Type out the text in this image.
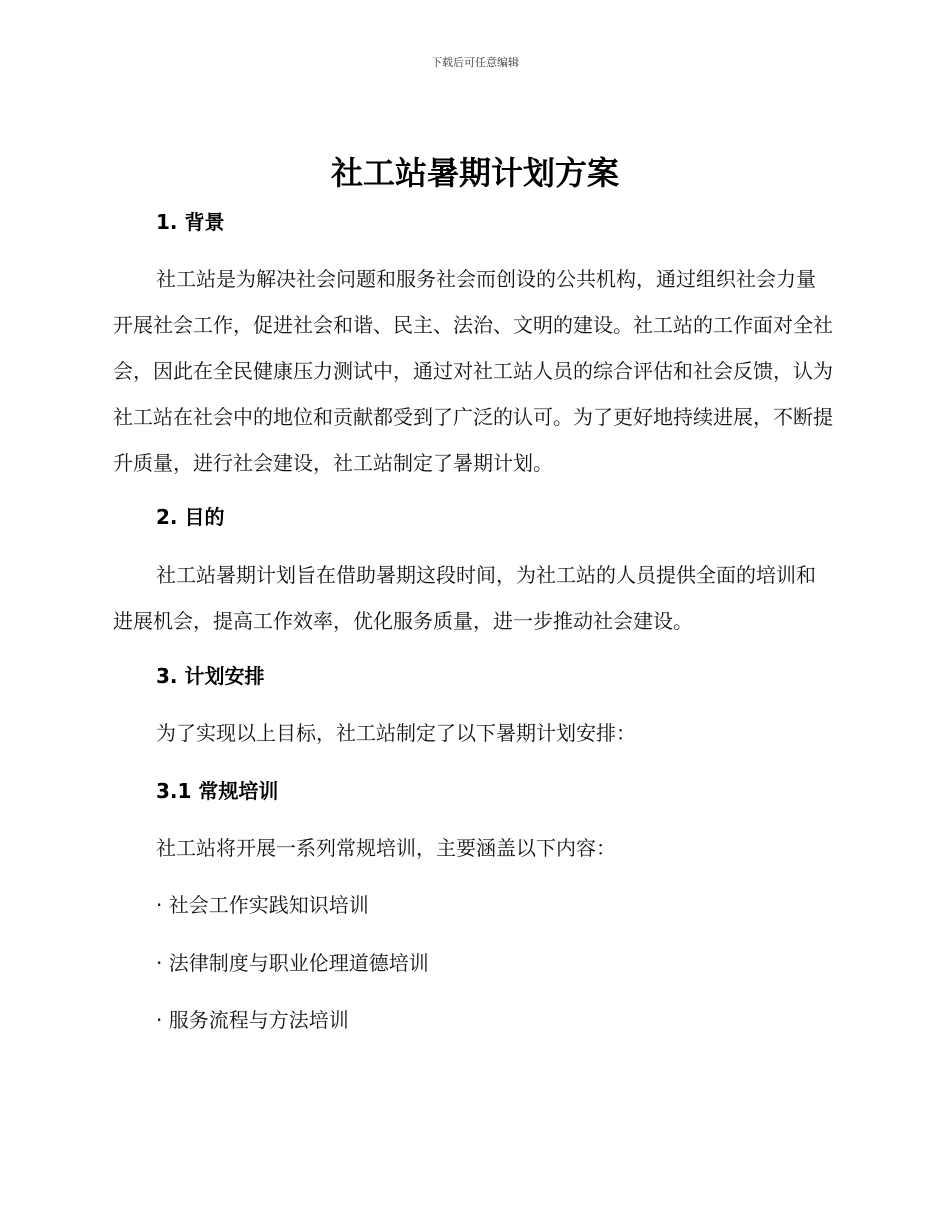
下载后可任意编辑
社工站暑期计划方案
1. 背景
社工站是为解决社会问题和服务社会而创设的公共机构，通过组织社会力量开展社会工作，促进社会和谐、民主、法治、文明的建设。社工站的工作面对全社会，因此在全民健康压力测试中，通过对社工站人员的综合评估和社会反馈，认为社工站在社会中的地位和贡献都受到了广泛的认可。为了更好地持续进展，不断提升质量，进行社会建设，社工站制定了暑期计划。
2. 目的
社工站暑期计划旨在借助暑期这段时间，为社工站的人员提供全面的培训和进展机会，提高工作效率，优化服务质量，进一步推动社会建设。
3. 计划安排
为了实现以上目标，社工站制定了以下暑期计划安排：
3.1 常规培训
社工站将开展一系列常规培训，主要涵盖以下内容：
· 社会工作实践知识培训
· 法律制度与职业伦理道德培训
· 服务流程与方法培训
